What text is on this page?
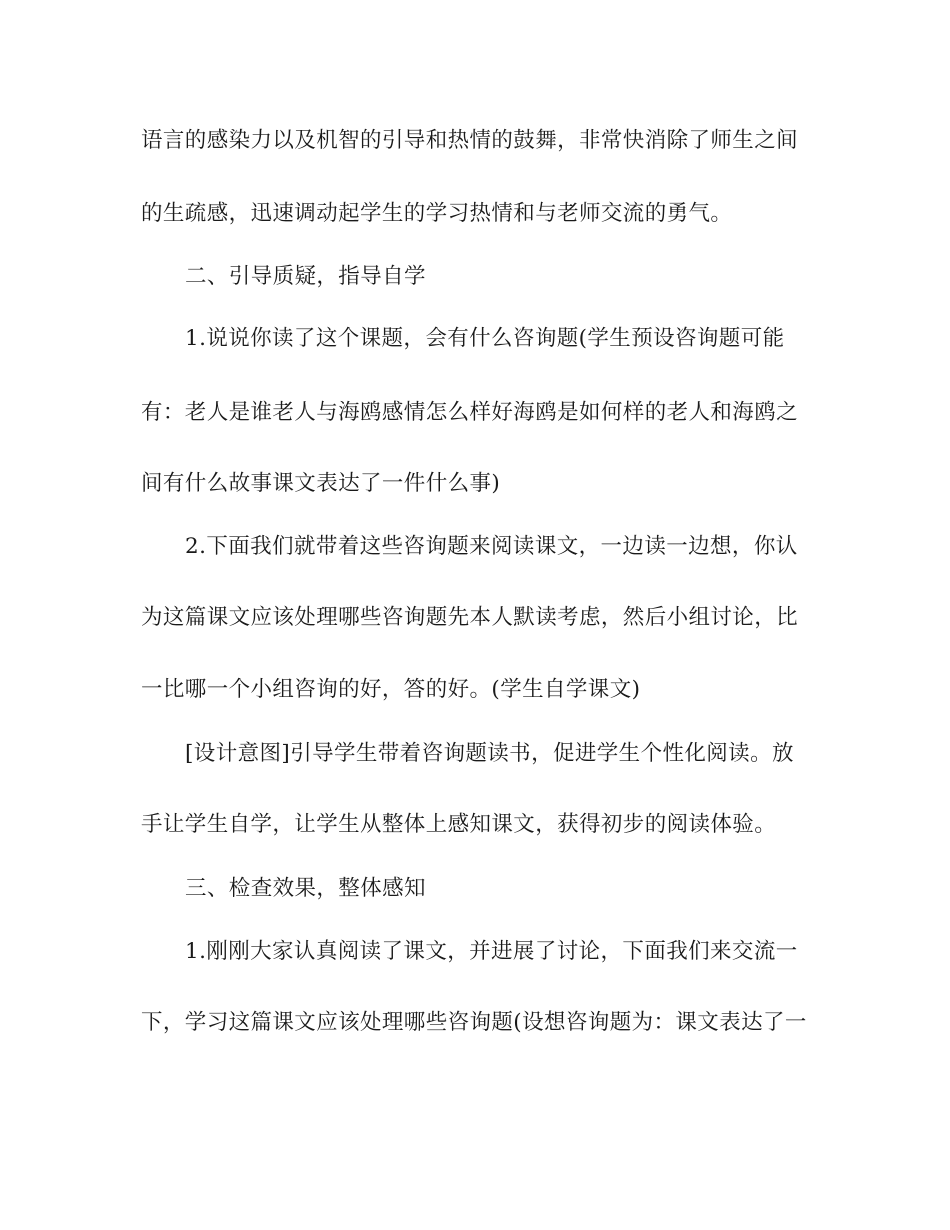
语言的感染力以及机智的引导和热情的鼓舞，非常快消除了师生之间
的生疏感，迅速调动起学生的学习热情和与老师交流的勇气。
二、引导质疑，指导自学
1.说说你读了这个课题，会有什么咨询题(学生预设咨询题可能
有：老人是谁老人与海鸥感情怎么样好海鸥是如何样的老人和海鸥之
间有什么故事课文表达了一件什么事)
2.下面我们就带着这些咨询题来阅读课文，一边读一边想，你认
为这篇课文应该处理哪些咨询题先本人默读考虑，然后小组讨论，比
一比哪一个小组咨询的好，答的好。(学生自学课文)
[设计意图]引导学生带着咨询题读书，促进学生个性化阅读。放
手让学生自学，让学生从整体上感知课文，获得初步的阅读体验。
三、检查效果，整体感知
1.刚刚大家认真阅读了课文，并进展了讨论，下面我们来交流一
下，学习这篇课文应该处理哪些咨询题(设想咨询题为：课文表达了一
